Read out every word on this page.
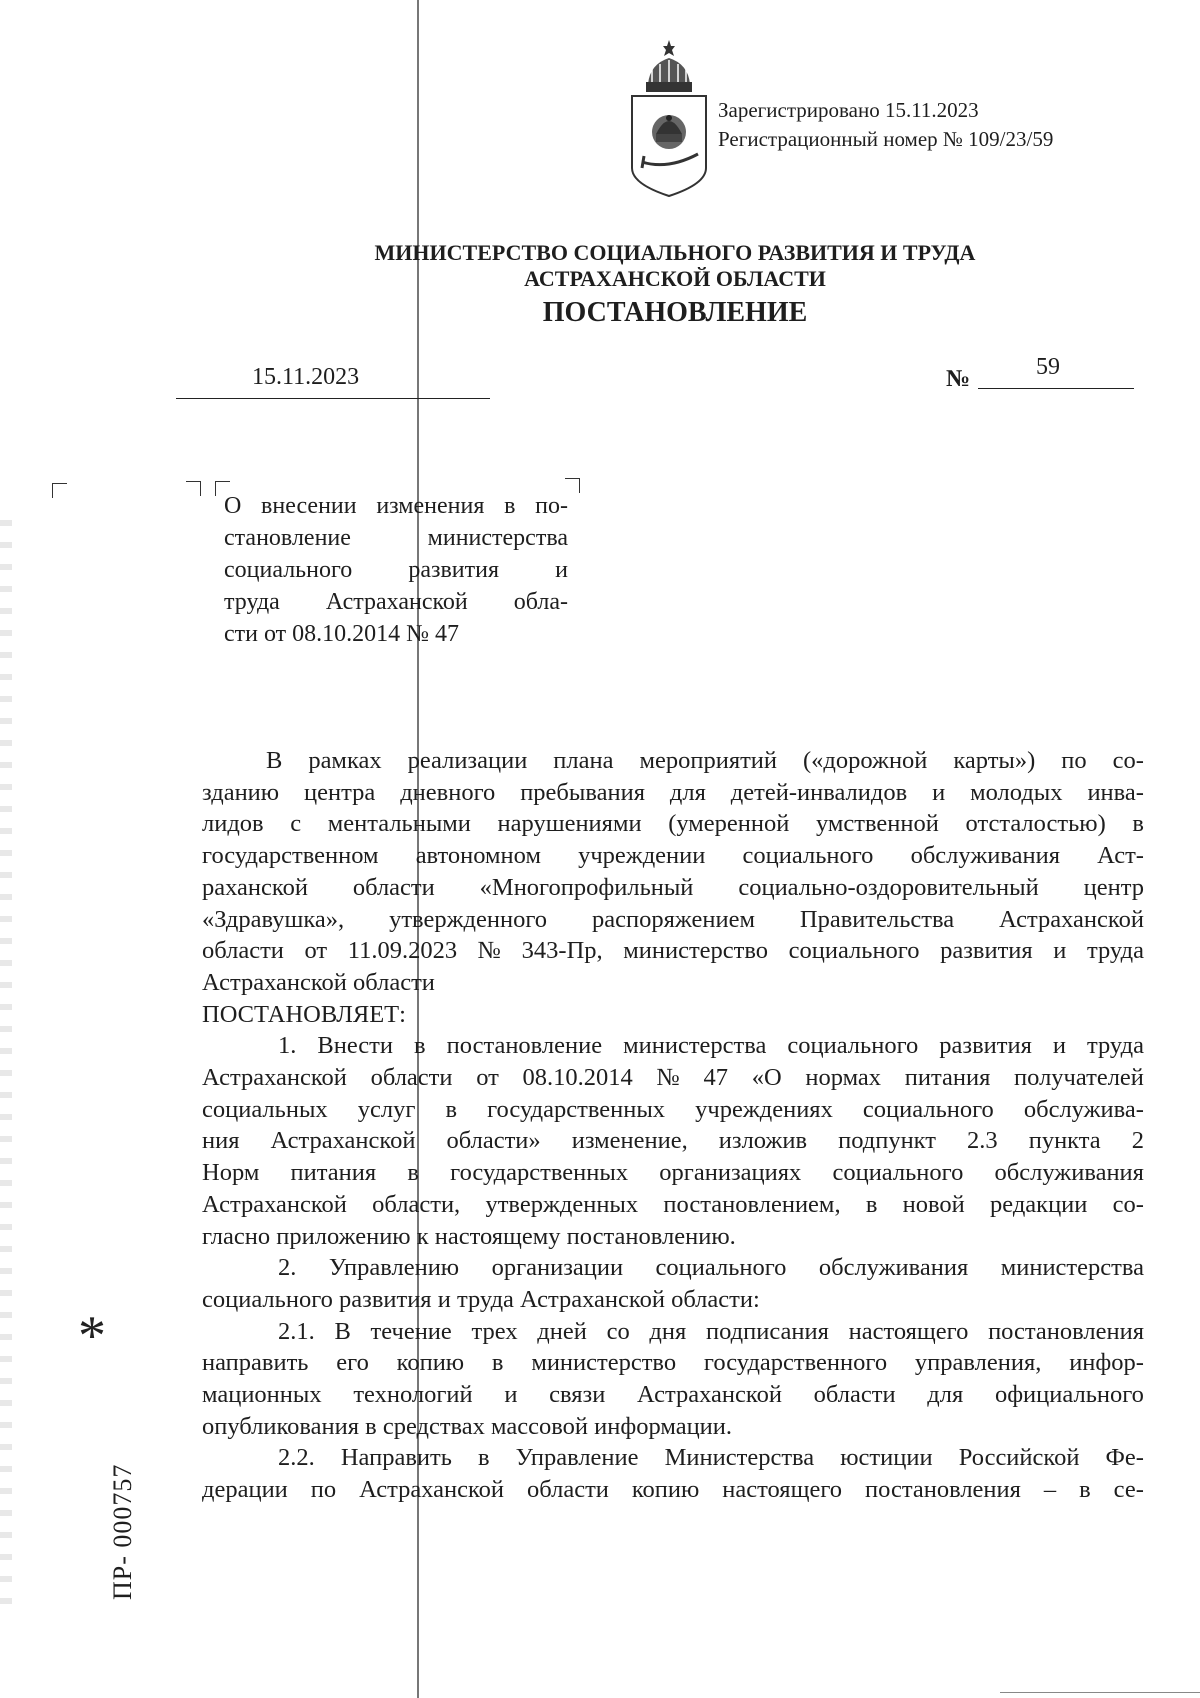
Зарегистрировано 15.11.2023
Регистрационный номер № 109/23/59
МИНИСТЕРСТВО СОЦИАЛЬНОГО РАЗВИТИЯ И ТРУДА
АСТРАХАНСКОЙ ОБЛАСТИ
ПОСТАНОВЛЕНИЕ
15.11.2023	№	59
О внесении изменения в по-
становление	министерства
социального развития и
труда Астраханской обла-
сти от 08.10.2014 № 47
В рамках реализации плана мероприятий («дорожной карты») по со-
зданию центра дневного пребывания для детей-инвалидов и молодых инва-
лидов с ментальными нарушениями (умеренной умственной отсталостью) в
государственном автономном учреждении социального обслуживания Аст-
раханской области «Многопрофильный социально-оздоровительный центр
«Здравушка», утвержденного распоряжением Правительства Астраханской
области от 11.09.2023 № 343-Пр, министерство социального развития и труда
Астраханской области
ПОСТАНОВЛЯЕТ:
1. Внести в постановление министерства социального развития и труда
Астраханской области от 08.10.2014 № 47 «О нормах питания получателей
социальных услуг в государственных учреждениях социального обслужива-
ния Астраханской области» изменение, изложив подпункт 2.3 пункта 2
Норм питания в государственных организациях социального обслуживания
Астраханской области, утвержденных постановлением, в новой редакции со-
гласно приложению к настоящему постановлению.
2. Управлению организации социального обслуживания министерства
социального развития и труда Астраханской области:
2.1. В течение трех дней со дня подписания настоящего постановления
направить его копию в министерство государственного управления, инфор-
мационных технологий и связи Астраханской области для официального
опубликования в средствах массовой информации.
2.2. Направить в Управление Министерства юстиции Российской Фе-
дерации по Астраханской области копию настоящего постановления – в се-
*
ПР- 000757
